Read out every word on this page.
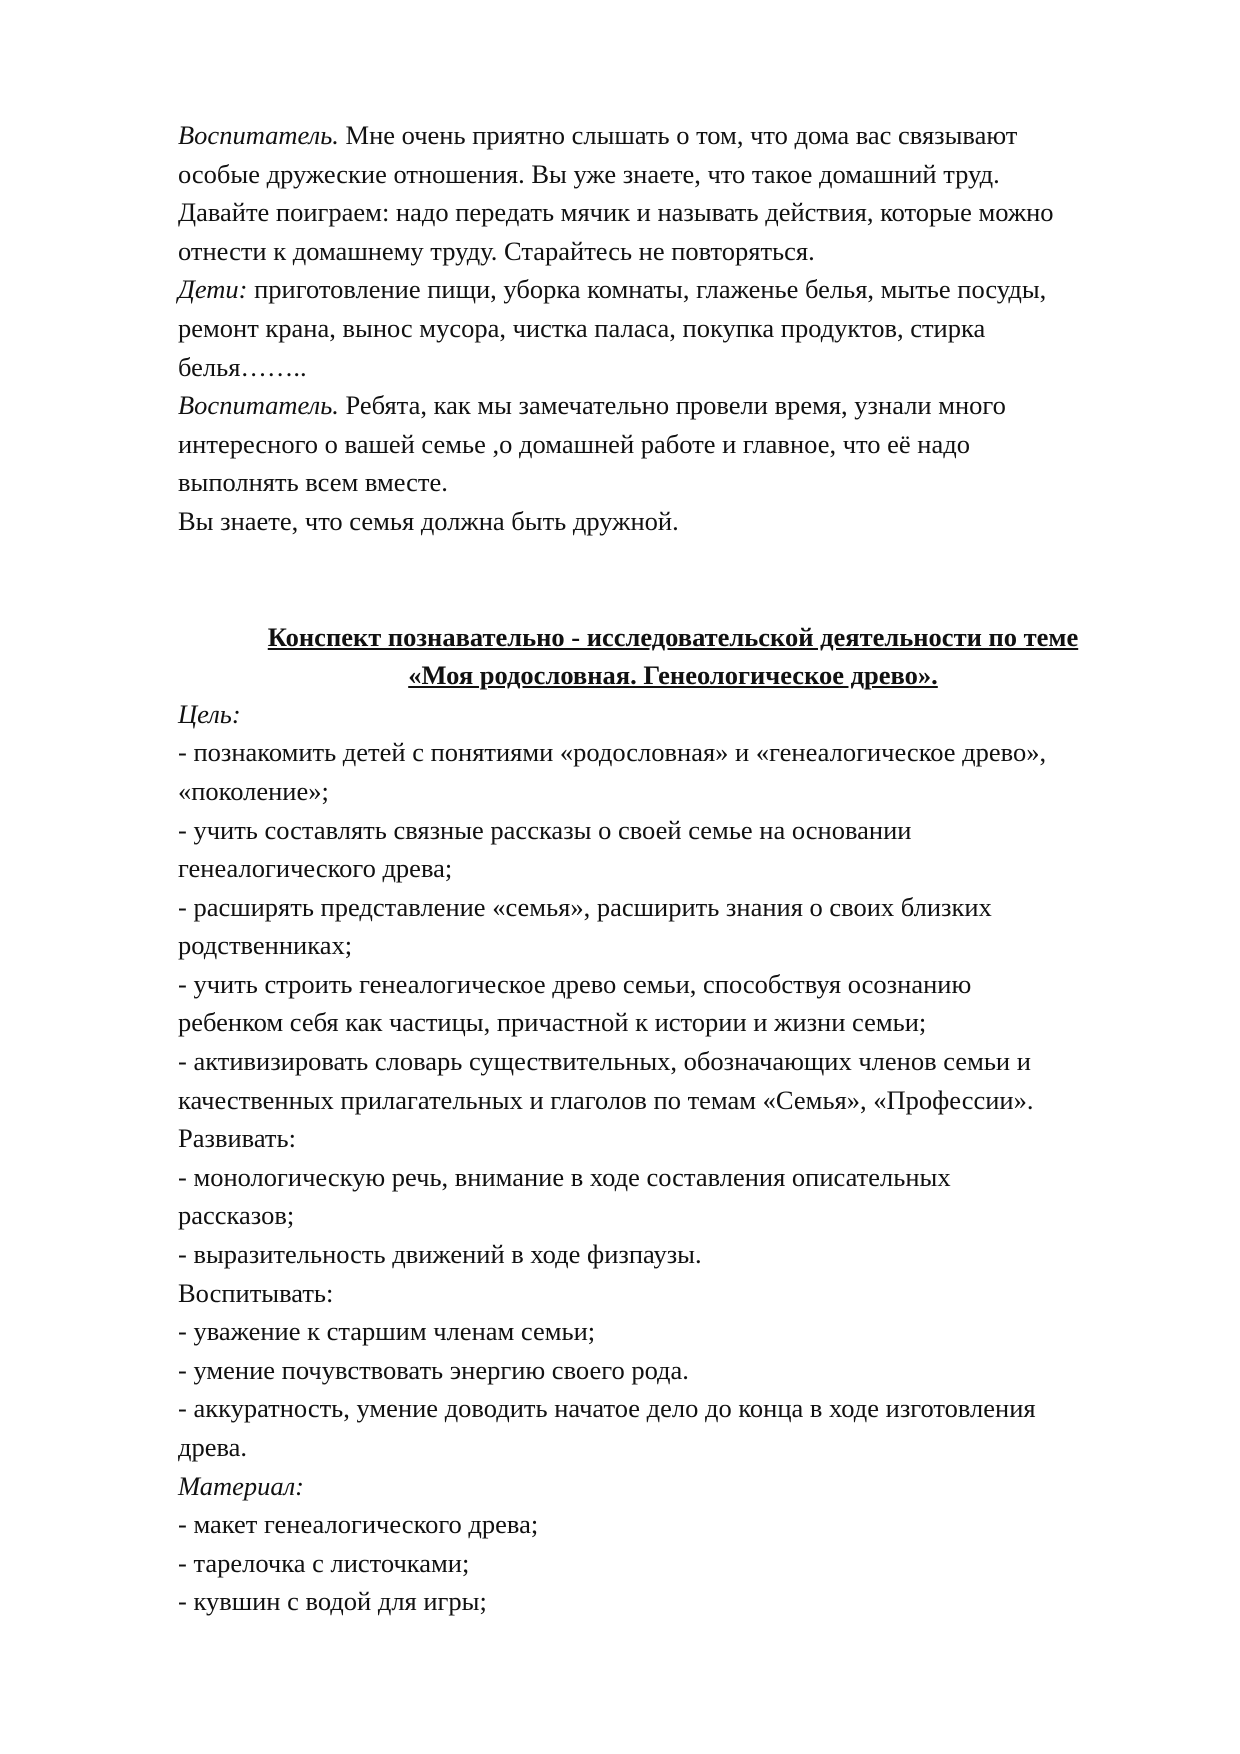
Воспитатель. Мне очень приятно слышать о том, что дома вас связывают

особые дружеские отношения. Вы уже знаете, что такое домашний труд.

Давайте поиграем: надо передать мячик и называть действия, которые можно

отнести к домашнему труду. Старайтесь не повторяться.

Дети: приготовление пищи, уборка комнаты, глаженье белья, мытье посуды,

ремонт крана, вынос мусора, чистка паласа, покупка продуктов, стирка

белья……..

Воспитатель. Ребята, как мы замечательно провели время, узнали много

интересного о вашей семье ,о домашней работе и главное, что её надо

выполнять всем вместе.

Вы знаете, что семья должна быть дружной.

Конспект познавательно - исследовательской деятельности по теме

«Моя родословная. Генеологическое древо».

Цель:

- познакомить детей с понятиями «родословная» и «генеалогическое древо»,

«поколение»;

- учить составлять связные рассказы о своей семье на основании

генеалогического древа;

- расширять представление «семья», расширить знания о своих близких

родственниках;

- учить строить генеалогическое древо семьи, способствуя осознанию

ребенком себя как частицы, причастной к истории и жизни семьи;

- активизировать словарь существительных, обозначающих членов семьи и

качественных прилагательных и глаголов по темам «Семья», «Профессии».

Развивать:

- монологическую речь, внимание в ходе составления описательных

рассказов;

- выразительность движений в ходе физпаузы.

Воспитывать:

- уважение к старшим членам семьи;

- умение почувствовать энергию своего рода.

- аккуратность, умение доводить начатое дело до конца в ходе изготовления

древа.

Материал:

- макет генеалогического древа;

- тарелочка с листочками;

- кувшин с водой для игры;
